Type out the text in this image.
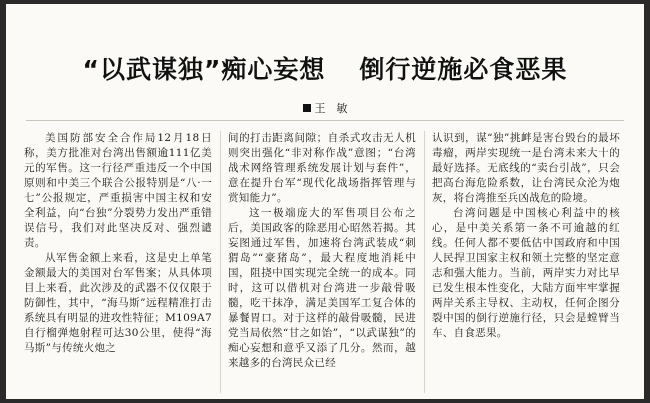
“以武谋独”痴心妄想 倒行逆施必食恶果
王　敏

美国防部安全合作局12月18日称，美方批准对台湾出售额逾111亿美元的军售。这一行径严重违反一个中国原则和中美三个联合公报特别是“八·一七”公报规定，严重损害中国主权和安全利益，向“台独”分裂势力发出严重错误信号，我们对此坚决反对、强烈谴责。

从军售金额上来看，这是史上单笔金额最大的美国对台军售案；从具体项目上来看，此次涉及的武器不仅仅限于防御性，其中，“海马斯”远程精准打击系统具有明显的进攻性特征；M109A7自行榴弹炮射程可达30公里，使得“海马斯”与传统火炮之

间的打击距离间隙；自杀式攻击无人机则突出强化“非对称作战”意图；“台湾战术网络管理系统发展计划与套件”，意在提升台军“现代化战场指挥管理与赏知能力”。

这一极端庞大的军售项目公布之后，美国政客的除恶用心昭然若揭。其妄图通过军售，加速将台湾武装成“刺猬岛”“豪猪岛”，最大程度地消耗中国，阻挠中国实现完全统一的成本。同时，这可以借机对台湾进一步敲骨吸髓，吃干抹净，满足美国军工复合体的暴餐胃口。对于这样的敲骨吸髓，民进党当局依然“甘之如饴”，“以武谋独”的痴心妄想和意乎又添了几分。然而，越来越多的台湾民众已经

认识到，谋“独”挑衅是害台毁台的最坏毒瘤，两岸实现统一是台湾未来大十的最好选择。无底线的“卖台引战”，只会把高台海危险系数，让台湾民众沦为炮灰，将台湾推至兵凶战危的险境。

台湾问题是中国核心利益中的核心，是中美关系第一条不可逾越的红线。任何人都不要低估中国政府和中国人民捍卫国家主权和领土完整的坚定意志和强大能力。当前，两岸实力对比早已发生根本性变化，大陆方面牢牢掌握两岸关系主导权、主动权，任何企图分裂中国的倒行逆施行径，只会是螳臂当车、自食恶果。
